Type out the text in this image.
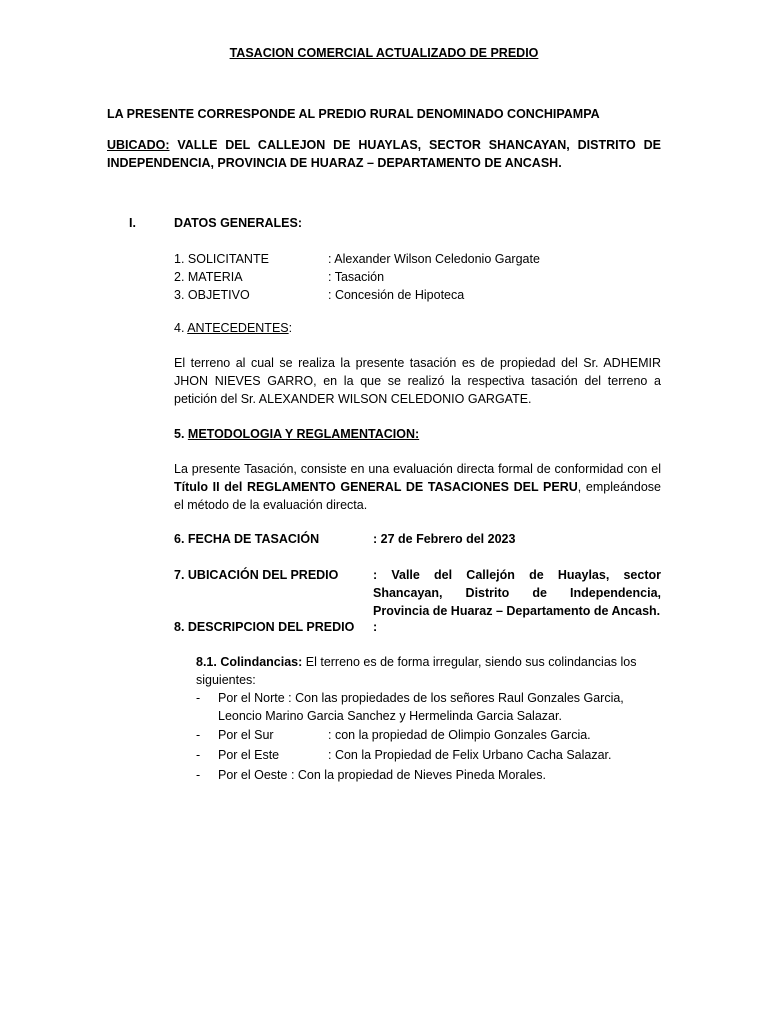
TASACION COMERCIAL ACTUALIZADO DE PREDIO
LA PRESENTE CORRESPONDE AL PREDIO RURAL DENOMINADO CONCHIPAMPA
UBICADO: VALLE DEL CALLEJON DE HUAYLAS, SECTOR SHANCAYAN, DISTRITO DE INDEPENDENCIA, PROVINCIA DE HUARAZ – DEPARTAMENTO DE ANCASH.
I.	DATOS GENERALES:
1. SOLICITANTE	: Alexander Wilson Celedonio Gargate
2. MATERIA	: Tasación
3. OBJETIVO	: Concesión de Hipoteca
4. ANTECEDENTES:
El terreno al cual se realiza la presente tasación es de propiedad del Sr. ADHEMIR JHON NIEVES GARRO, en la que se realizó la respectiva tasación del terreno a petición del Sr. ALEXANDER WILSON CELEDONIO GARGATE.
5. METODOLOGIA Y REGLAMENTACION:
La presente Tasación, consiste en una evaluación directa formal de conformidad con el Título II del REGLAMENTO GENERAL DE TASACIONES DEL PERU, empleándose el método de la evaluación directa.
6. FECHA DE TASACIÓN	: 27 de Febrero del 2023
7. UBICACIÓN DEL PREDIO	: Valle del Callejón de Huaylas, sector Shancayan, Distrito de Independencia, Provincia de Huaraz – Departamento de Ancash.
8. DESCRIPCION DEL PREDIO :
8.1. Colindancias: El terreno es de forma irregular, siendo sus colindancias los siguientes:
- Por el Norte : Con las propiedades de los señores Raul Gonzales Garcia, Leoncio Marino Garcia Sanchez y Hermelinda Garcia Salazar.
- Por el Sur	: con la propiedad de Olimpio Gonzales Garcia.
- Por el Este	: Con la Propiedad de Felix Urbano Cacha Salazar.
- Por el Oeste : Con la propiedad de Nieves Pineda Morales.
